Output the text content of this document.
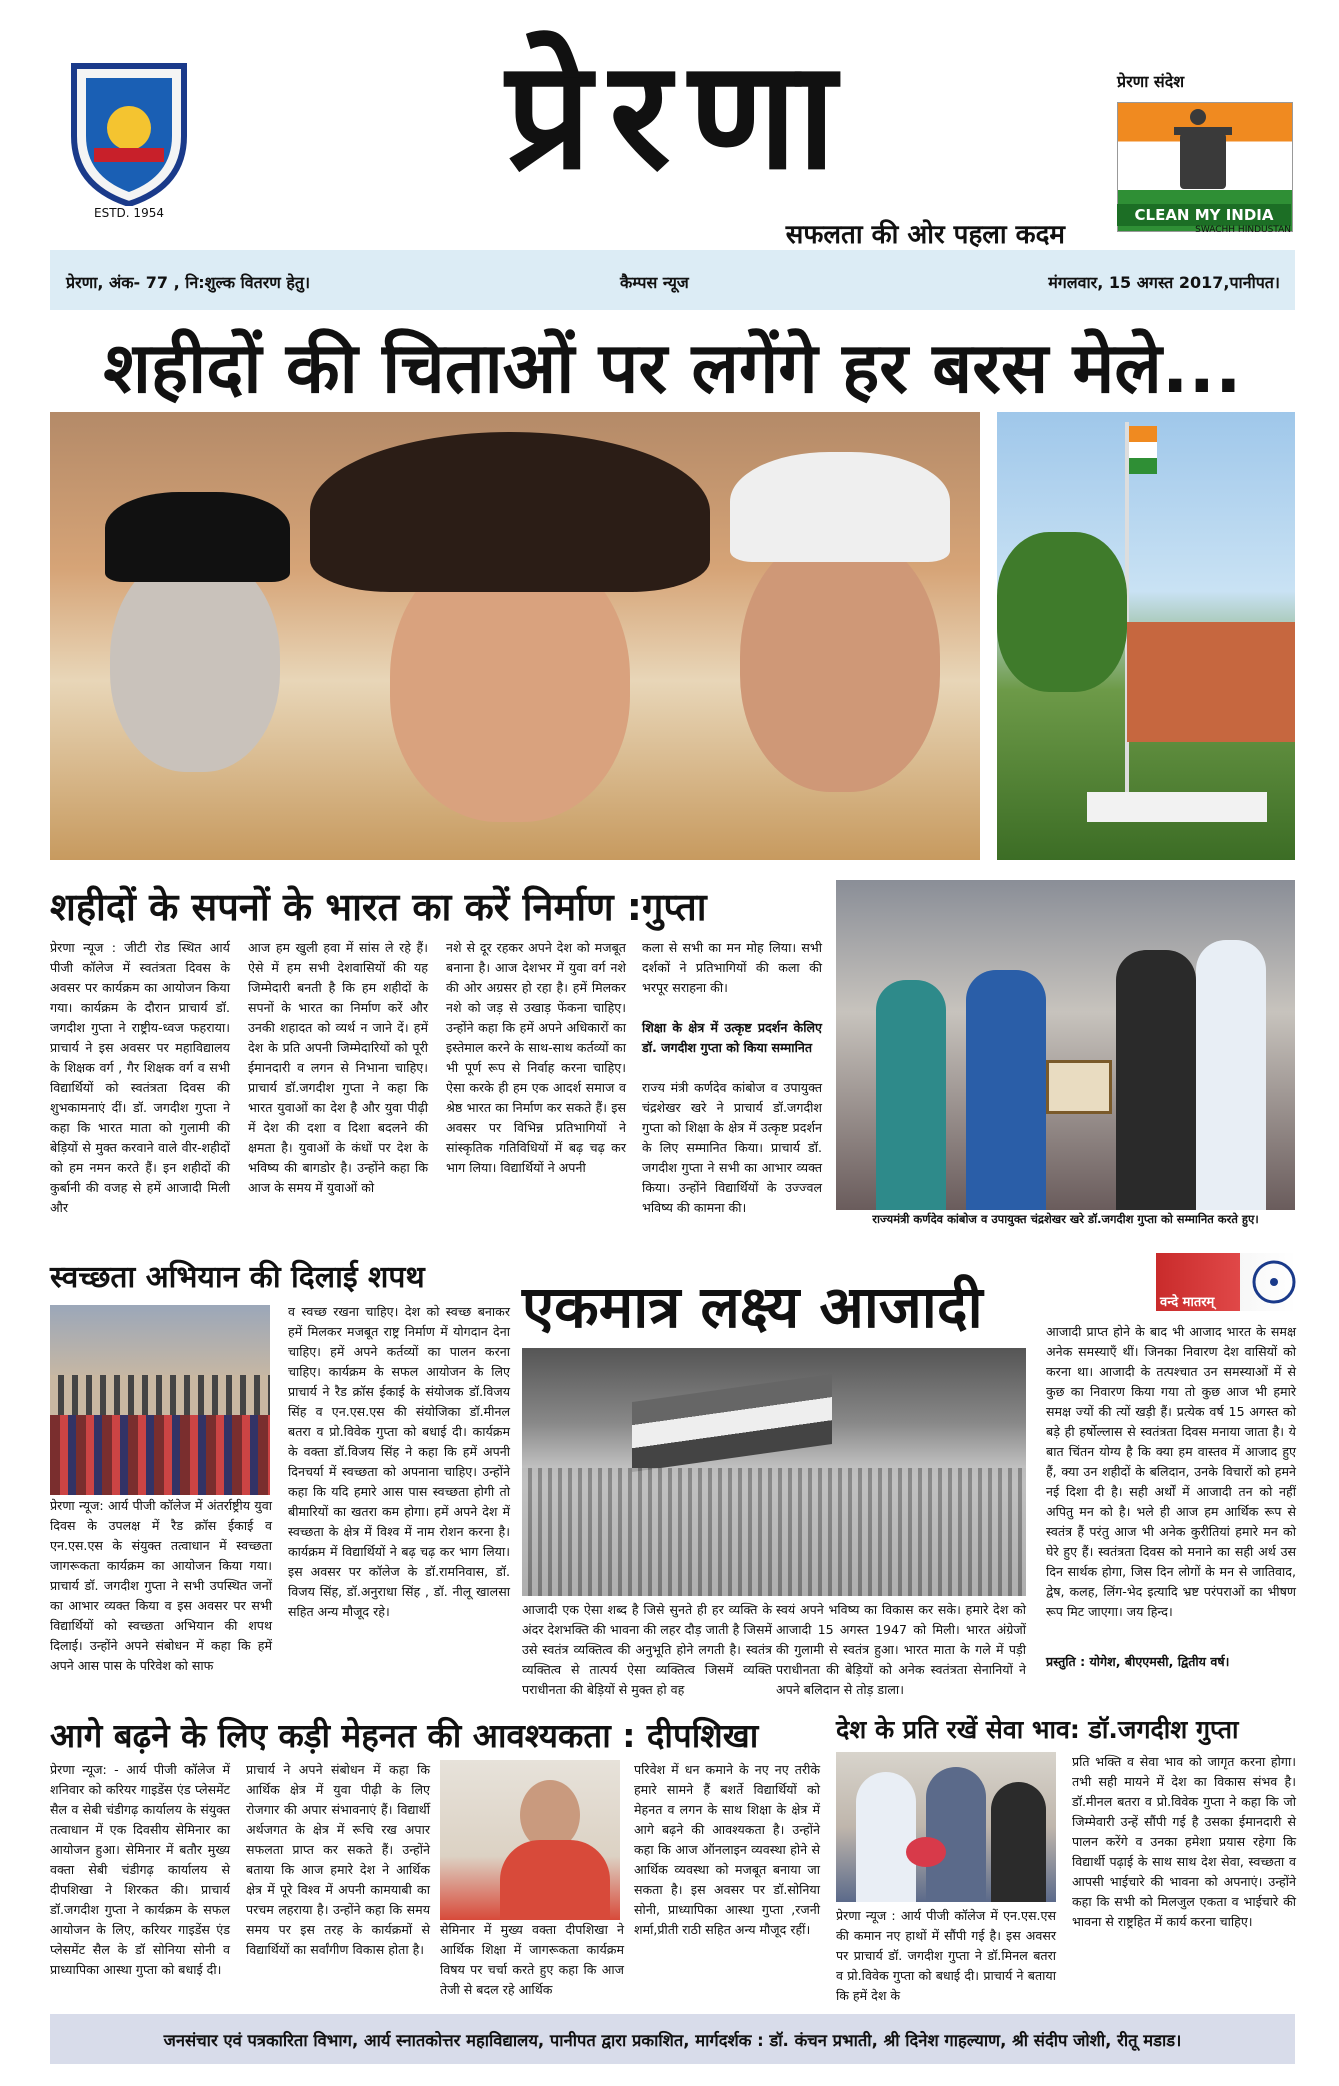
ESTD. 1954
प्रेरणा
सफलता की ओर पहला कदम
प्रेरणा संदेश
CLEAN MY INDIA
SWACHH HINDUSTAN
प्रेरणा, अंक- 77 , नि:शुल्क वितरण हेतु।	कैम्पस न्यूज	मंगलवार, 15 अगस्त 2017,पानीपत।
शहीदों की चिताओं पर लगेंगे हर बरस मेले...
शहीदों के सपनों के भारत का करें निर्माण :गुप्ता
प्रेरणा न्यूज : जीटी रोड स्थित आर्य पीजी कॉलेज में स्वतंत्रता दिवस के अवसर पर कार्यक्रम का आयोजन किया गया। कार्यक्रम के दौरान प्राचार्य डॉ. जगदीश गुप्ता ने राष्ट्रीय-ध्वज फहराया। प्राचार्य ने इस अवसर पर महाविद्यालय के शिक्षक वर्ग , गैर शिक्षक वर्ग व सभी विद्यार्थियों को स्वतंत्रता दिवस की शुभकामनाएं दीं। डॉ. जगदीश गुप्ता ने कहा कि भारत माता को गुलामी की बेड़ियों से मुक्त करवाने वाले वीर-शहीदों को हम नमन करते हैं। इन शहीदों की कुर्बानी की वजह से हमें आजादी मिली और
आज हम खुली हवा में सांस ले रहे हैं। ऐसे में हम सभी देशवासियों की यह जिम्मेदारी बनती है कि हम शहीदों के सपनों के भारत का निर्माण करें और उनकी शहादत को व्यर्थ न जाने दें। हमें देश के प्रति अपनी जिम्मेदारियों को पूरी ईमानदारी व लगन से निभाना चाहिए। प्राचार्य डॉ.जगदीश गुप्ता ने कहा कि भारत युवाओं का देश है और युवा पीढ़ी में देश की दशा व दिशा बदलने की क्षमता है। युवाओं के कंधों पर देश के भविष्य की बागडोर है। उन्होंने कहा कि आज के समय में युवाओं को
नशे से दूर रहकर अपने देश को मजबूत बनाना है। आज देशभर में युवा वर्ग नशे की ओर अग्रसर हो रहा है। हमें मिलकर नशे को जड़ से उखाड़ फेंकना चाहिए। उन्होंने कहा कि हमें अपने अधिकारों का इस्तेमाल करने के साथ-साथ कर्तव्यों का भी पूर्ण रूप से निर्वाह करना चाहिए। ऐसा करके ही हम एक आदर्श समाज व श्रेष्ठ भारत का निर्माण कर सकते हैं। इस अवसर पर विभिन्न प्रतिभागियों ने सांस्कृतिक गतिविधियों में बढ़ चढ़ कर भाग लिया। विद्यार्थियों ने अपनी
कला से सभी का मन मोह लिया। सभी दर्शकों ने प्रतिभागियों की कला की भरपूर सराहना की।
शिक्षा के क्षेत्र में उत्कृष्ट प्रदर्शन केलिए डॉ. जगदीश गुप्ता को किया सम्मानित
राज्य मंत्री कर्णदेव कांबोज व उपायुक्त चंद्रशेखर खरे ने प्राचार्य डॉ.जगदीश गुप्ता को शिक्षा के क्षेत्र में उत्कृष्ट प्रदर्शन के लिए सम्मानित किया। प्राचार्य डॉ. जगदीश गुप्ता ने सभी का आभार व्यक्त किया। उन्होंने विद्यार्थियों के उज्ज्वल भविष्य की कामना की।
राज्यमंत्री कर्णदेव कांबोज व उपायुक्त चंद्रशेखर खरे डॉ.जगदीश गुप्ता को सम्मानित करते हुए।
स्वच्छता अभियान की दिलाई शपथ
प्रेरणा न्यूज: आर्य पीजी कॉलेज में अंतर्राष्ट्रीय युवा दिवस के उपलक्ष में रैड क्रॉस ईकाई व एन.एस.एस के संयुक्त तत्वाधान में स्वच्छता जागरूकता कार्यक्रम का आयोजन किया गया। प्राचार्य डॉ. जगदीश गुप्ता ने सभी उपस्थित जनों का आभार व्यक्त किया व इस अवसर पर सभी विद्यार्थियों को स्वच्छता अभियान की शपथ दिलाई। उन्होंने अपने संबोधन में कहा कि हमें अपने आस पास के परिवेश को साफ
व स्वच्छ रखना चाहिए। देश को स्वच्छ बनाकर हमें मिलकर मजबूत राष्ट्र निर्माण में योगदान देना चाहिए। हमें अपने कर्तव्यों का पालन करना चाहिए। कार्यक्रम के सफल आयोजन के लिए प्राचार्य ने रैड क्रॉस ईकाई के संयोजक डॉ.विजय सिंह व एन.एस.एस की संयोजिका डॉ.मीनल बतरा व प्रो.विवेक गुप्ता को बधाई दी। कार्यक्रम के वक्ता डॉ.विजय सिंह ने कहा कि हमें अपनी दिनचर्या में स्वच्छता को अपनाना चाहिए। उन्होंने कहा कि यदि हमारे आस पास स्वच्छता होगी तो बीमारियों का खतरा कम होगा। हमें अपने देश में स्वच्छता के क्षेत्र में विश्व में नाम रोशन करना है। कार्यक्रम में विद्यार्थियों ने बढ़ चढ़ कर भाग लिया। इस अवसर पर कॉलेज के डॉ.रामनिवास, डॉ. विजय सिंह, डॉ.अनुराधा सिंह , डॉ. नीलू खालसा सहित अन्य मौजूद रहे।
एकमात्र लक्ष्य आजादी	वन्दे मातरम्
आजादी एक ऐसा शब्द है जिसे सुनते ही हर व्यक्ति के अंदर देशभक्ति की भावना की लहर दौड़ जाती है जिसमें उसे स्वतंत्र व्यक्तित्व की अनुभूति होने लगती है। स्वतंत्र व्यक्तित्व से तात्पर्य ऐसा व्यक्तित्व जिसमें व्यक्ति पराधीनता की बेड़ियों से मुक्त हो वह
स्वयं अपने भविष्य का विकास कर सके। हमारे देश को आजादी 15 अगस्त 1947 को मिली। भारत अंग्रेजों की गुलामी से स्वतंत्र हुआ। भारत माता के गले में पड़ी पराधीनता की बेड़ियों को अनेक स्वतंत्रता सेनानियों ने अपने बलिदान से तोड़ डाला।
आजादी प्राप्त होने के बाद भी आजाद भारत के समक्ष अनेक समस्याएँ थीं। जिनका निवारण देश वासियों को करना था। आजादी के तत्पश्चात उन समस्याओं में से कुछ का निवारण किया गया तो कुछ आज भी हमारे समक्ष ज्यों की त्यों खड़ी हैं। प्रत्येक वर्ष 15 अगस्त को बड़े ही हर्षोल्लास से स्वतंत्रता दिवस मनाया जाता है। ये बात चिंतन योग्य है कि क्या हम वास्तव में आजाद हुए हैं, क्या उन शहीदों के बलिदान, उनके विचारों को हमने नई दिशा दी है। सही अर्थों में आजादी तन को नहीं अपितु मन को है। भले ही आज हम आर्थिक रूप से स्वतंत्र हैं परंतु आज भी अनेक कुरीतियां हमारे मन को घेरे हुए हैं। स्वतंत्रता दिवस को मनाने का सही अर्थ उस दिन सार्थक होगा, जिस दिन लोगों के मन से जातिवाद, द्वेष, कलह, लिंग-भेद इत्यादि भ्रष्ट परंपराओं का भीषण रूप मिट जाएगा। जय हिन्द।
प्रस्तुति : योगेश, बीएएमसी, द्वितीय वर्ष।
आगे बढ़ने के लिए कड़ी मेहनत की आवश्यकता : दीपशिखा
प्रेरणा न्यूज: - आर्य पीजी कॉलेज में शनिवार को करियर गाइडेंस एंड प्लेसमेंट सैल व सेबी चंडीगढ़ कार्यालय के संयुक्त तत्वाधान में एक दिवसीय सेमिनार का आयोजन हुआ। सेमिनार में बतौर मुख्य वक्ता सेबी चंडीगढ़ कार्यालय से दीपशिखा ने शिरकत की। प्राचार्य डॉ.जगदीश गुप्ता ने कार्यक्रम के सफल आयोजन के लिए, करियर गाइडेंस एंड प्लेसमेंट सैल के डॉ सोनिया सोनी व प्राध्यापिका आस्था गुप्ता को बधाई दी।
प्राचार्य ने अपने संबोधन में कहा कि आर्थिक क्षेत्र में युवा पीढ़ी के लिए रोजगार की अपार संभावनाएं हैं। विद्यार्थी अर्थजगत के क्षेत्र में रूचि रख अपार सफलता प्राप्त कर सकते हैं। उन्होंने बताया कि आज हमारे देश ने आर्थिक क्षेत्र में पूरे विश्व में अपनी कामयाबी का परचम लहराया है। उन्होंने कहा कि समय समय पर इस तरह के कार्यक्रमों से विद्यार्थियों का सर्वांगीण विकास होता है।
सेमिनार में मुख्य वक्ता दीपशिखा ने आर्थिक शिक्षा में जागरूकता कार्यक्रम विषय पर चर्चा करते हुए कहा कि आज तेजी से बदल रहे आर्थिक
परिवेश में धन कमाने के नए नए तरीके हमारे सामने हैं बशर्ते विद्यार्थियों को मेहनत व लगन के साथ शिक्षा के क्षेत्र में आगे बढ़ने की आवश्यकता है। उन्होंने कहा कि आज ऑनलाइन व्यवस्था होने से आर्थिक व्यवस्था को मजबूत बनाया जा सकता है। इस अवसर पर डॉ.सोनिया सोनी, प्राध्यापिका आस्था गुप्ता ,रजनी शर्मा,प्रीती राठी सहित अन्य मौजूद रहीं।
देश के प्रति रखें सेवा भाव: डॉ.जगदीश गुप्ता
प्रेरणा न्यूज : आर्य पीजी कॉलेज में एन.एस.एस की कमान नए हाथों में सौंपी गई है। इस अवसर पर प्राचार्य डॉ. जगदीश गुप्ता ने डॉ.मिनल बतरा व प्रो.विवेक गुप्ता को बधाई दी। प्राचार्य ने बताया कि हमें देश के
प्रति भक्ति व सेवा भाव को जागृत करना होगा। तभी सही मायने में देश का विकास संभव है। डॉ.मीनल बतरा व प्रो.विवेक गुप्ता ने कहा कि जो जिम्मेवारी उन्हें सौंपी गई है उसका ईमानदारी से पालन करेंगे व उनका हमेशा प्रयास रहेगा कि विद्यार्थी पढ़ाई के साथ साथ देश सेवा, स्वच्छता व आपसी भाईचारे की भावना को अपनाएं। उन्होंने कहा कि सभी को मिलजुल एकता व भाईचारे की भावना से राष्ट्रहित में कार्य करना चाहिए।
जनसंचार एवं पत्रकारिता विभाग, आर्य स्नातकोत्तर महाविद्यालय, पानीपत द्वारा प्रकाशित, मार्गदर्शक : डॉ. कंचन प्रभाती, श्री दिनेश गाहल्याण, श्री संदीप जोशी, रीतू मडाड।
